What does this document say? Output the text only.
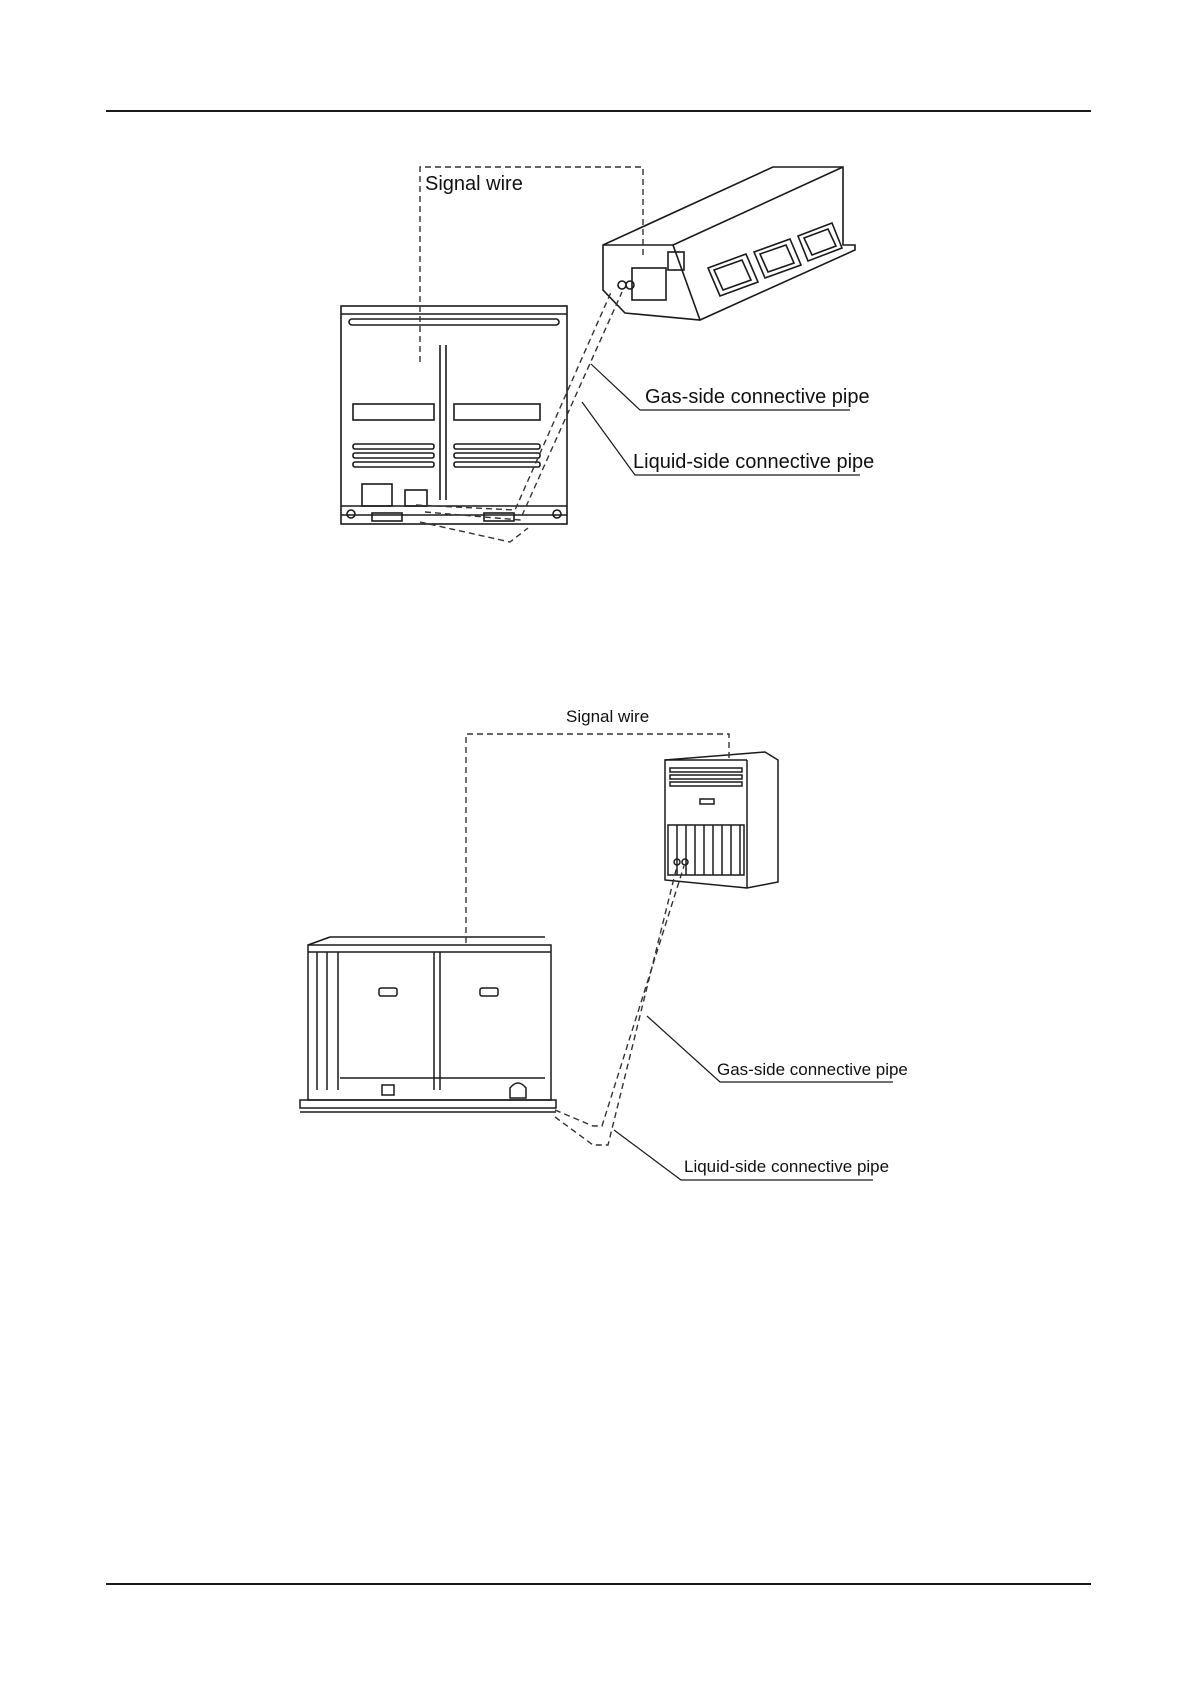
Signal wire
Gas-side connective pipe
Liquid-side connective pipe
Signal wire
Gas-side connective pipe
Liquid-side connective pipe
